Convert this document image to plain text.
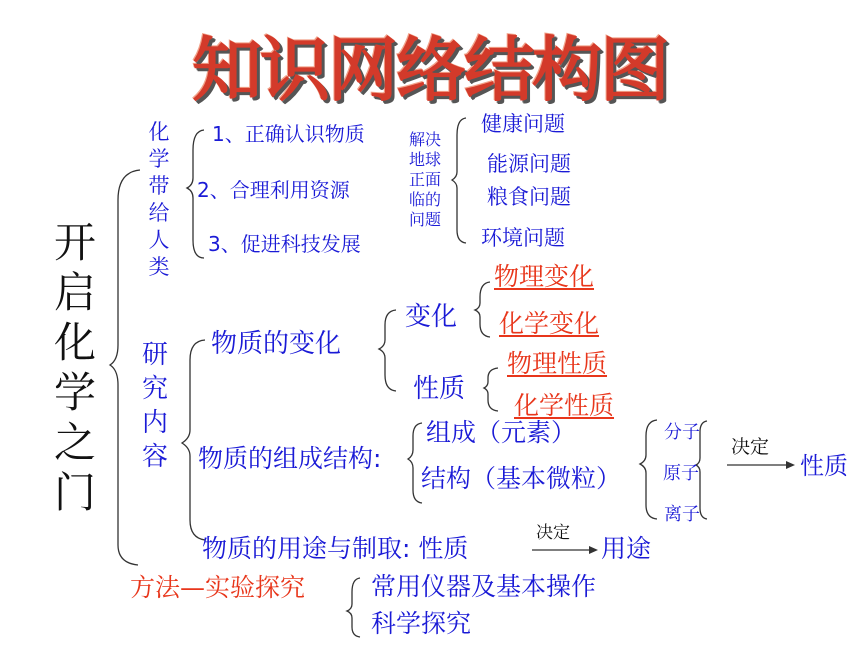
知识网络结构图
开
启
化
学
之
门
化
学
带
给
人
类
1、正确认识物质
2、合理利用资源
3、促进科技发展
解决
地球
正面
临的
问题
健康问题
能源问题
粮食问题
环境问题
研
究
内
容
物质的变化
变化
物理变化
化学变化
性质
物理性质
化学性质
物质的组成结构:
组成（元素）
结构（基本微粒）
分子
原子
离子
决定
性质
物质的用途与制取: 性质
决定
用途
方法—实验探究	常用仪器及基本操作
科学探究
